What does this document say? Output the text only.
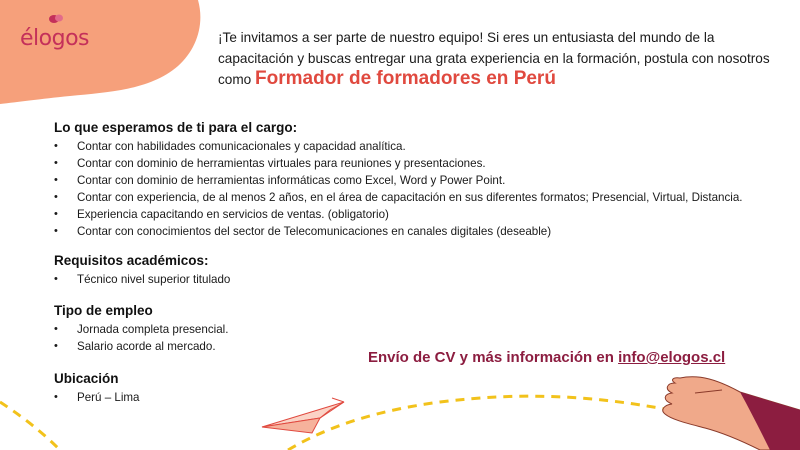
élogos	¡Te invitamos a ser parte de nuestro equipo! Si eres un entusiasta del mundo de la capacitación y buscas entregar una grata experiencia en la formación, postula con nosotros como Formador de formadores en Perú
Lo que esperamos de ti para el cargo:
• Contar con habilidades comunicacionales y capacidad analítica.
• Contar con dominio de herramientas virtuales para reuniones y presentaciones.
• Contar con dominio de herramientas informáticas como Excel, Word y Power Point.
• Contar con experiencia, de al menos 2 años, en el área de capacitación en sus diferentes formatos; Presencial, Virtual, Distancia.
• Experiencia capacitando en servicios de ventas. (obligatorio)
• Contar con conocimientos del sector de Telecomunicaciones en canales digitales (deseable)
Requisitos académicos:
• Técnico nivel superior titulado
Tipo de empleo
• Jornada completa presencial.
• Salario acorde al mercado.
Ubicación
• Perú – Lima
Envío de CV y más información en info@elogos.cl
